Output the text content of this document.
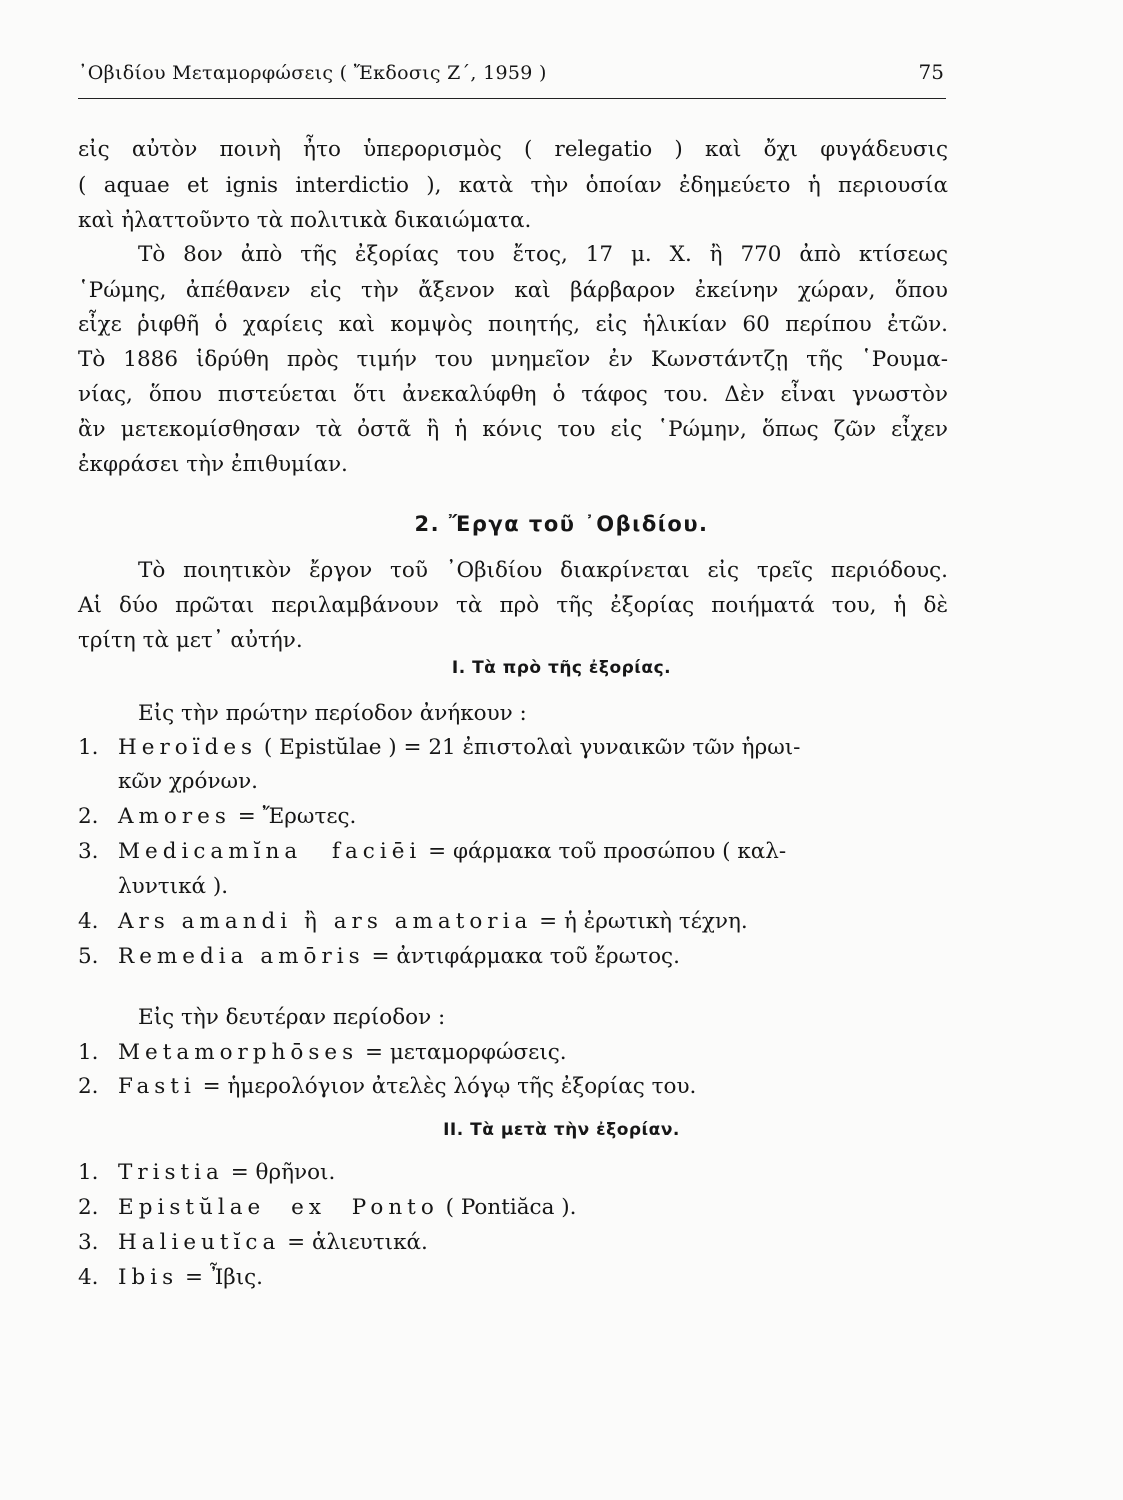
᾿Οβιδίου Μεταμορφώσεις ( Ἔκδοσις Ζ΄, 1959 )	75
εἰς αὐτὸν ποινὴ ἦτο ὑπερορισμὸς ( relegatio ) καὶ ὄχι φυγάδευσις
( aquae et ignis interdictio ), κατὰ τὴν ὁποίαν ἐδημεύετο ἡ περιουσία
καὶ ἠλαττοῦντο τὰ πολιτικὰ δικαιώματα.
Τὸ 8ον ἀπὸ τῆς ἐξορίας του ἔτος, 17 μ. Χ. ἢ 770 ἀπὸ κτίσεως
῾Ρώμης, ἀπέθανεν εἰς τὴν ἄξενον καὶ βάρβαρον ἐκείνην χώραν, ὅπου
εἶχε ῥιφθῆ ὁ χαρίεις καὶ κομψὸς ποιητής, εἰς ἡλικίαν 60 περίπου ἐτῶν.
Τὸ 1886 ἱδρύθη πρὸς τιμήν του μνημεῖον ἐν Κωνστάντζῃ τῆς ῾Ρουμα-
νίας, ὅπου πιστεύεται ὅτι ἀνεκαλύφθη ὁ τάφος του. Δὲν εἶναι γνωστὸν
ἂν μετεκομίσθησαν τὰ ὀστᾶ ἢ ἡ κόνις του εἰς ῾Ρώμην, ὅπως ζῶν εἶχεν
ἐκφράσει τὴν ἐπιθυμίαν.
2. Ἔργα τοῦ ᾿Οβιδίου.
Τὸ ποιητικὸν ἔργον τοῦ ᾿Οβιδίου διακρίνεται εἰς τρεῖς περιόδους.
Αἱ δύο πρῶται περιλαμβάνουν τὰ πρὸ τῆς ἐξορίας ποιήματά του, ἡ δὲ
τρίτη τὰ μετ᾿ αὐτήν.
I. Τὰ πρὸ τῆς ἐξορίας.
Εἰς τὴν πρώτην περίοδον ἀνήκουν :
1. Heroïdes ( Epistŭlae ) = 21 ἐπιστολαὶ γυναικῶν τῶν ἡρωι-
κῶν χρόνων.
2. Amores = Ἔρωτες.
3. Medicamĭna faciēi = φάρμακα τοῦ προσώπου ( καλ-
λυντικά ).
4. Ars amandi ἢ ars amatoria = ἡ ἐρωτικὴ τέχνη.
5. Remedia amōris = ἀντιφάρμακα τοῦ ἔρωτος.
Εἰς τὴν δευτέραν περίοδον :
1. Metamorphōses = μεταμορφώσεις.
2. Fasti = ἡμερολόγιον ἀτελὲς λόγῳ τῆς ἐξορίας του.
II. Τὰ μετὰ τὴν ἐξορίαν.
1. Tristia = θρῆνοι.
2. Epistŭlae ex Ponto ( Pontiăca ).
3. Halieutĭca = ἁλιευτικά.
4. Ibis = Ἶβις.
